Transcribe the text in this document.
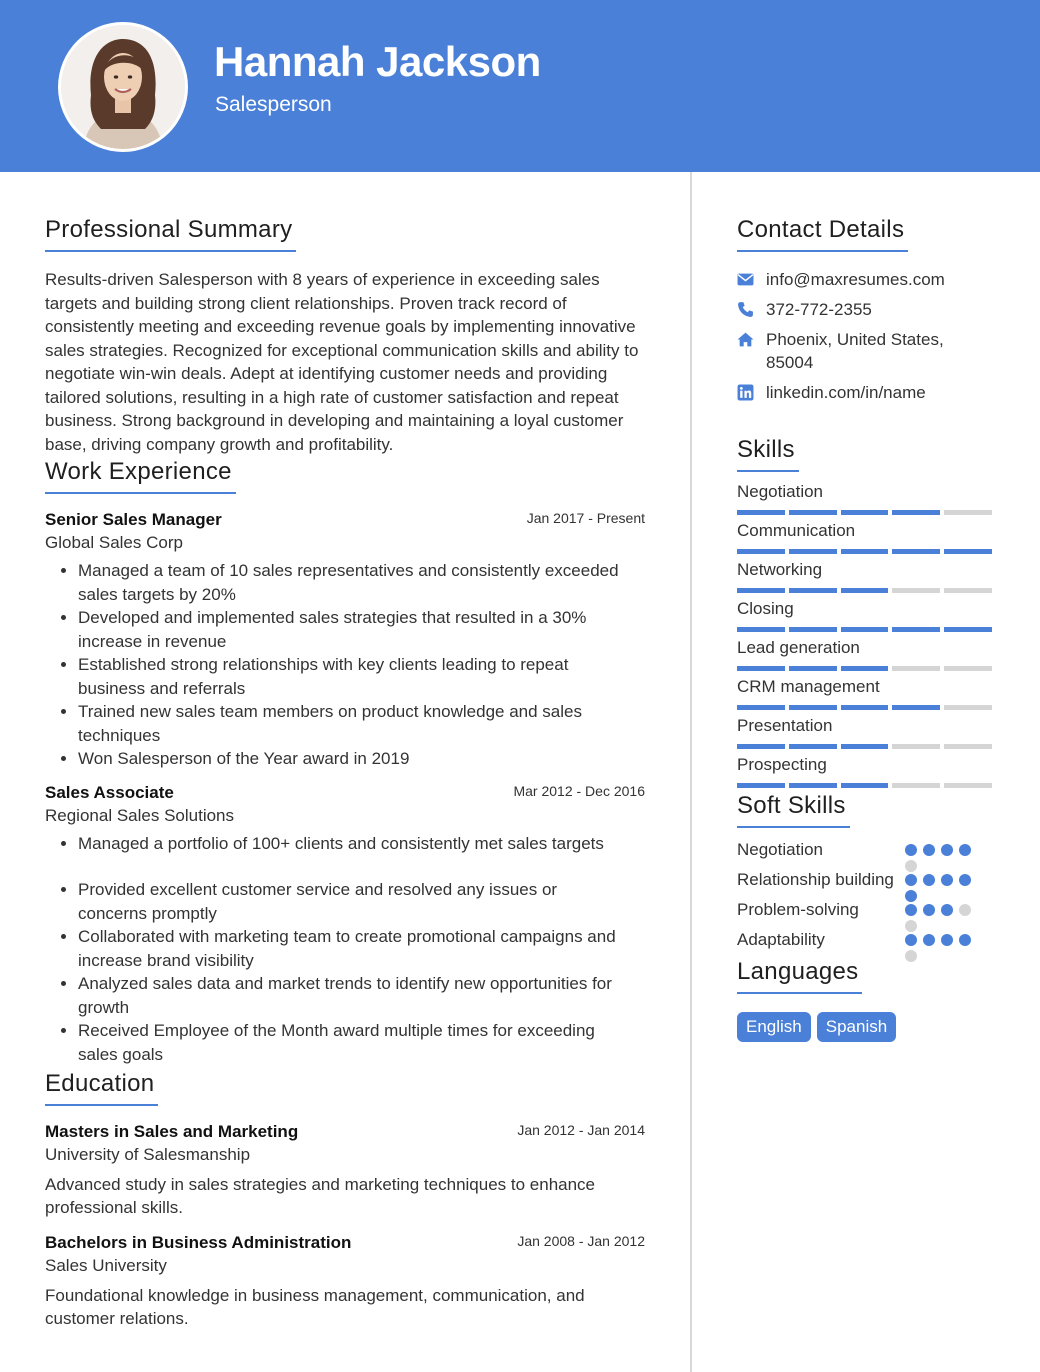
Hannah Jackson
Salesperson
Professional Summary

Results-driven Salesperson with 8 years of experience in exceeding sales targets and building strong client relationships. Proven track record of consistently meeting and exceeding revenue goals by implementing innovative sales strategies. Recognized for exceptional communication skills and ability to negotiate win-win deals. Adept at identifying customer needs and providing tailored solutions, resulting in a high rate of customer satisfaction and repeat business. Strong background in developing and maintaining a loyal customer base, driving company growth and profitability.

Work Experience
Senior Sales Manager	Jan 2017 - Present
Global Sales Corp
• Managed a team of 10 sales representatives and consistently exceeded sales targets by 20%
• Developed and implemented sales strategies that resulted in a 30% increase in revenue
• Established strong relationships with key clients leading to repeat business and referrals
• Trained new sales team members on product knowledge and sales techniques
• Won Salesperson of the Year award in 2019
Sales Associate	Mar 2012 - Dec 2016
Regional Sales Solutions
• Managed a portfolio of 100+ clients and consistently met sales targets
• Provided excellent customer service and resolved any issues or concerns promptly
• Collaborated with marketing team to create promotional campaigns and increase brand visibility
• Analyzed sales data and market trends to identify new opportunities for growth
• Received Employee of the Month award multiple times for exceeding sales goals
Education
Masters in Sales and Marketing	Jan 2012 - Jan 2014
University of Salesmanship

Advanced study in sales strategies and marketing techniques to enhance professional skills.

Bachelors in Business Administration	Jan 2008 - Jan 2012
Sales University

Foundational knowledge in business management, communication, and customer relations.

Contact Details
info@maxresumes.com
372-772-2355
Phoenix, United States, 85004
linkedin.com/in/name
Skills
Negotiation
Communication
Networking
Closing
Lead generation
CRM management
Presentation
Prospecting
Soft Skills
Negotiation
Relationship building
Problem-solving
Adaptability
Languages
English	Spanish
